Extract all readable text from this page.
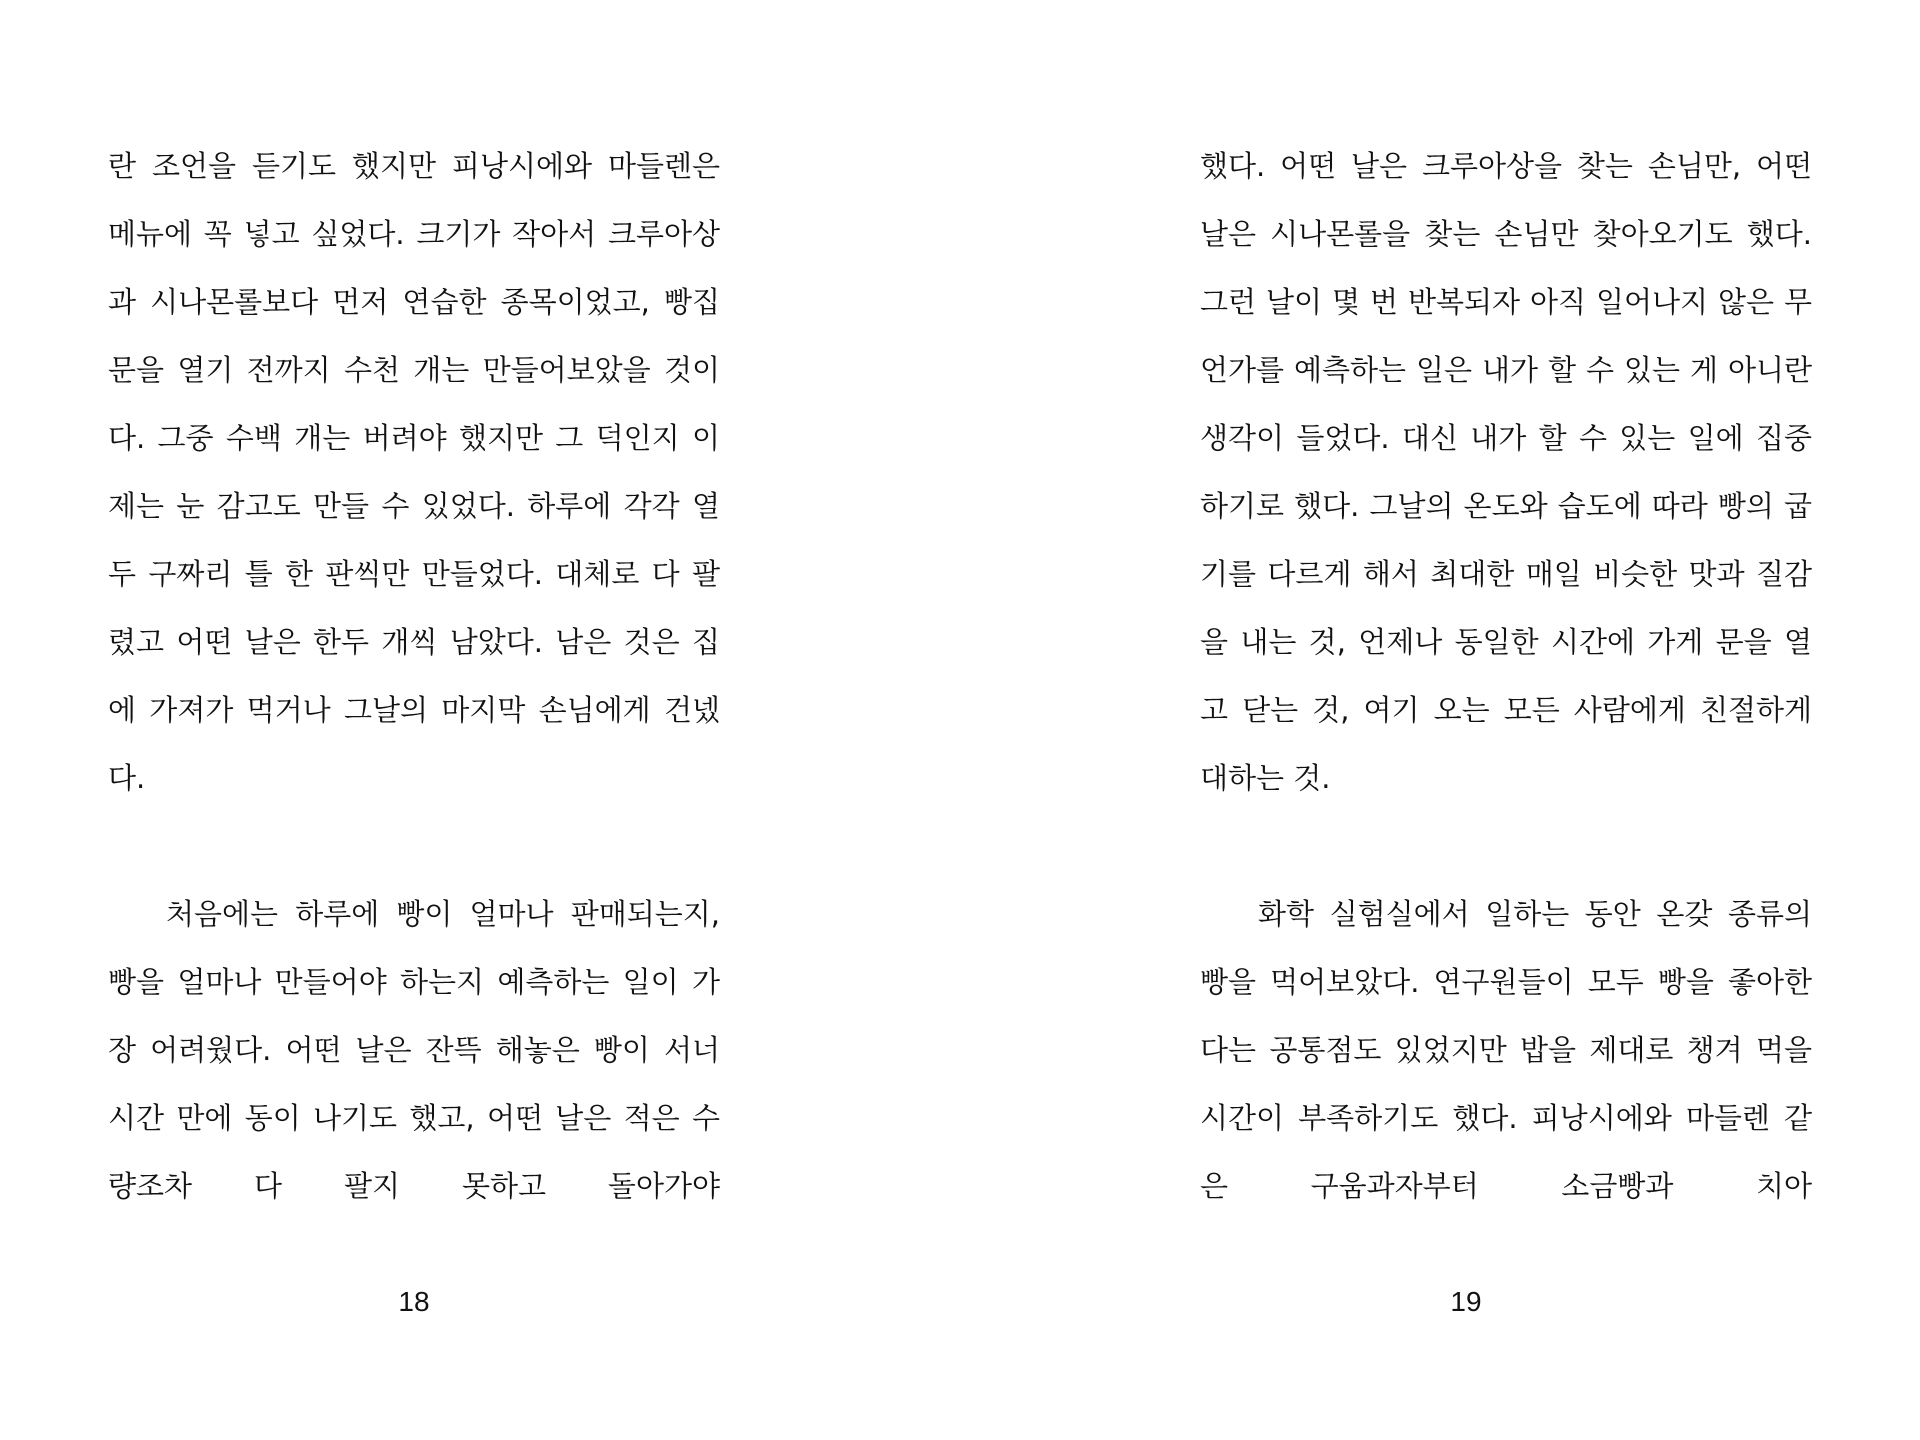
란 조언을 듣기도 했지만 피낭시에와 마들렌은 메뉴에 꼭 넣고 싶었다. 크기가 작아서 크루아상과 시나몬롤보다 먼저 연습한 종목이었고, 빵집 문을 열기 전까지 수천 개는 만들어보았을 것이다. 그중 수백 개는 버려야 했지만 그 덕인지 이제는 눈 감고도 만들 수 있었다. 하루에 각각 열두 구짜리 틀 한 판씩만 만들었다. 대체로 다 팔렸고 어떤 날은 한두 개씩 남았다. 남은 것은 집에 가져가 먹거나 그날의 마지막 손님에게 건넸다.

처음에는 하루에 빵이 얼마나 판매되는지, 빵을 얼마나 만들어야 하는지 예측하는 일이 가장 어려웠다. 어떤 날은 잔뜩 해놓은 빵이 서너 시간 만에 동이 나기도 했고, 어떤 날은 적은 수량조차 다 팔지 못하고 돌아가야

18

했다. 어떤 날은 크루아상을 찾는 손님만, 어떤 날은 시나몬롤을 찾는 손님만 찾아오기도 했다. 그런 날이 몇 번 반복되자 아직 일어나지 않은 무언가를 예측하는 일은 내가 할 수 있는 게 아니란 생각이 들었다. 대신 내가 할 수 있는 일에 집중하기로 했다. 그날의 온도와 습도에 따라 빵의 굽기를 다르게 해서 최대한 매일 비슷한 맛과 질감을 내는 것, 언제나 동일한 시간에 가게 문을 열고 닫는 것, 여기 오는 모든 사람에게 친절하게 대하는 것.

화학 실험실에서 일하는 동안 온갖 종류의 빵을 먹어보았다. 연구원들이 모두 빵을 좋아한다는 공통점도 있었지만 밥을 제대로 챙겨 먹을 시간이 부족하기도 했다. 피낭시에와 마들렌 같은 구움과자부터 소금빵과 치아

19
